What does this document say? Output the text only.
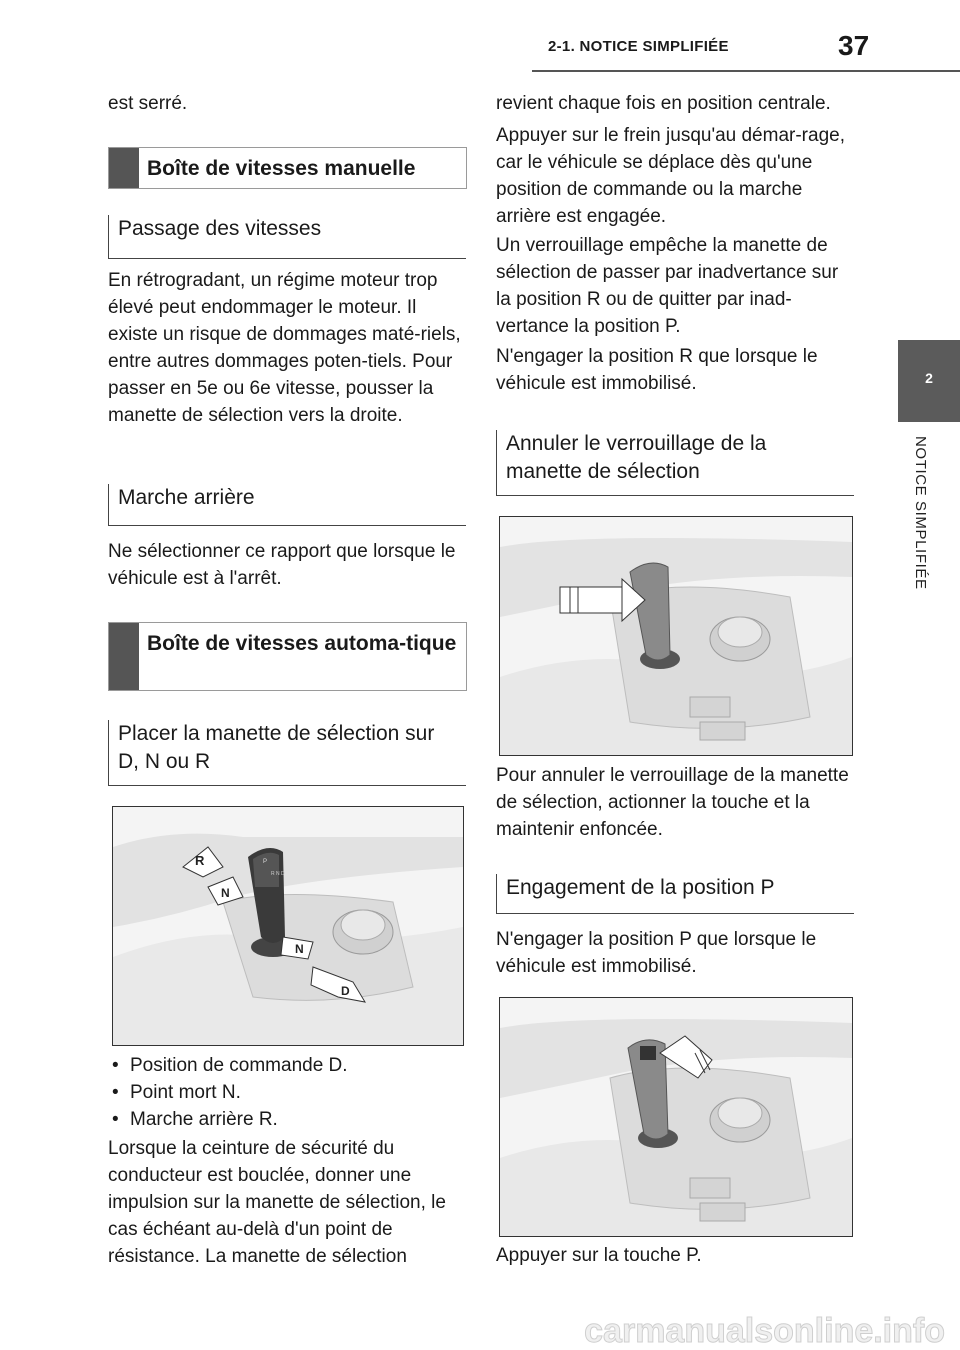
2-1. NOTICE SIMPLIFIÉE	37
2
NOTICE SIMPLIFIÉE

est serré.

Boîte de vitesses manuelle
Passage des vitesses

En rétrogradant, un régime moteur trop élevé peut endommager le moteur. Il existe un risque de dommages maté-riels, entre autres dommages poten-tiels. Pour passer en 5e ou 6e vitesse, pousser la manette de sélection vers la droite.

Marche arrière

Ne sélectionner ce rapport que lorsque le véhicule est à l'arrêt.

Boîte de vitesses automa-tique
Placer la manette de sélection sur D, N ou R
P
R N D
R
N
N
D
• Position de commande D.
• Point mort N.
• Marche arrière R.

Lorsque la ceinture de sécurité du conducteur est bouclée, donner une impulsion sur la manette de sélection, le cas échéant au-delà d'un point de résistance. La manette de sélection

revient chaque fois en position centrale.

Appuyer sur le frein jusqu'au démar-rage, car le véhicule se déplace dès qu'une position de commande ou la marche arrière est engagée.

Un verrouillage empêche la manette de sélection de passer par inadvertance sur la position R ou de quitter par inad-vertance la position P.

N'engager la position R que lorsque le véhicule est immobilisé.

Annuler le verrouillage de la manette de sélection

Pour annuler le verrouillage de la manette de sélection, actionner la touche et la maintenir enfoncée.

Engagement de la position P

N'engager la position P que lorsque le véhicule est immobilisé.

Appuyer sur la touche P.

carmanualsonline.info
